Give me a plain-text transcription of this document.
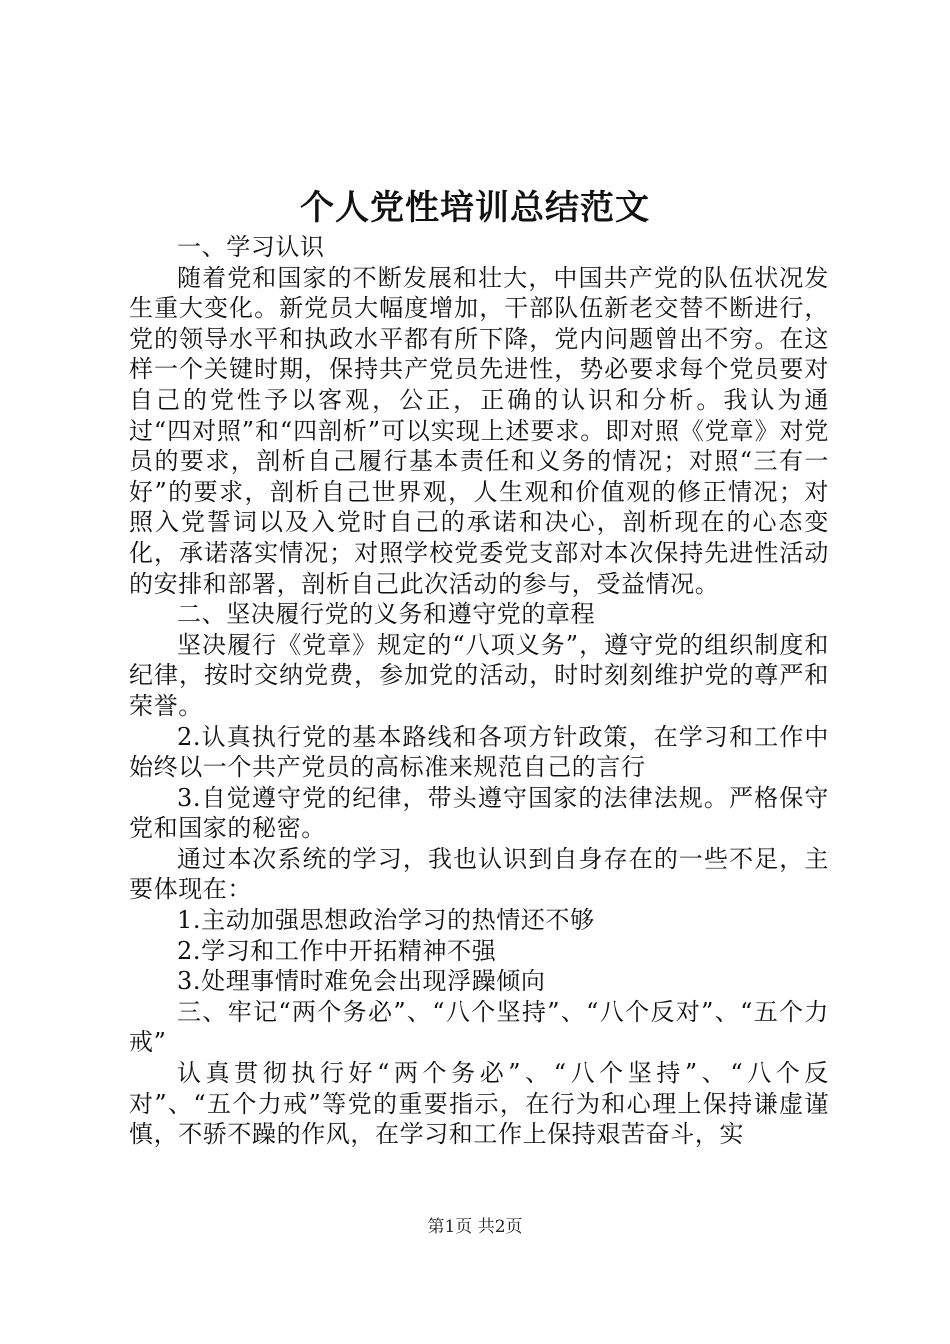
个人党性培训总结范文

一、学习认识

随着党和国家的不断发展和壮大，中国共产党的队伍状况发生重大变化。新党员大幅度增加，干部队伍新老交替不断进行，党的领导水平和执政水平都有所下降，党内问题曾出不穷。在这样一个关键时期，保持共产党员先进性，势必要求每个党员要对自己的党性予以客观，公正，正确的认识和分析。我认为通过“四对照”和“四剖析”可以实现上述要求。即对照《党章》对党员的要求，剖析自己履行基本责任和义务的情况；对照“三有一好”的要求，剖析自己世界观，人生观和价值观的修正情况；对照入党誓词以及入党时自己的承诺和决心，剖析现在的心态变化，承诺落实情况；对照学校党委党支部对本次保持先进性活动的安排和部署，剖析自己此次活动的参与，受益情况。

二、坚决履行党的义务和遵守党的章程

坚决履行《党章》规定的“八项义务”，遵守党的组织制度和纪律，按时交纳党费，参加党的活动，时时刻刻维护党的尊严和荣誉。

2.认真执行党的基本路线和各项方针政策，在学习和工作中始终以一个共产党员的高标准来规范自己的言行

3.自觉遵守党的纪律，带头遵守国家的法律法规。严格保守党和国家的秘密。

通过本次系统的学习，我也认识到自身存在的一些不足，主要体现在：

1.主动加强思想政治学习的热情还不够

2.学习和工作中开拓精神不强

3.处理事情时难免会出现浮躁倾向

三、牢记“两个务必”、“八个坚持”、“八个反对”、“五个力戒”

认真贯彻执行好“两个务必”、“八个坚持”、“八个反对”、“五个力戒”等党的重要指示，在行为和心理上保持谦虚谨慎，不骄不躁的作风，在学习和工作上保持艰苦奋斗，实

第1页 共2页
